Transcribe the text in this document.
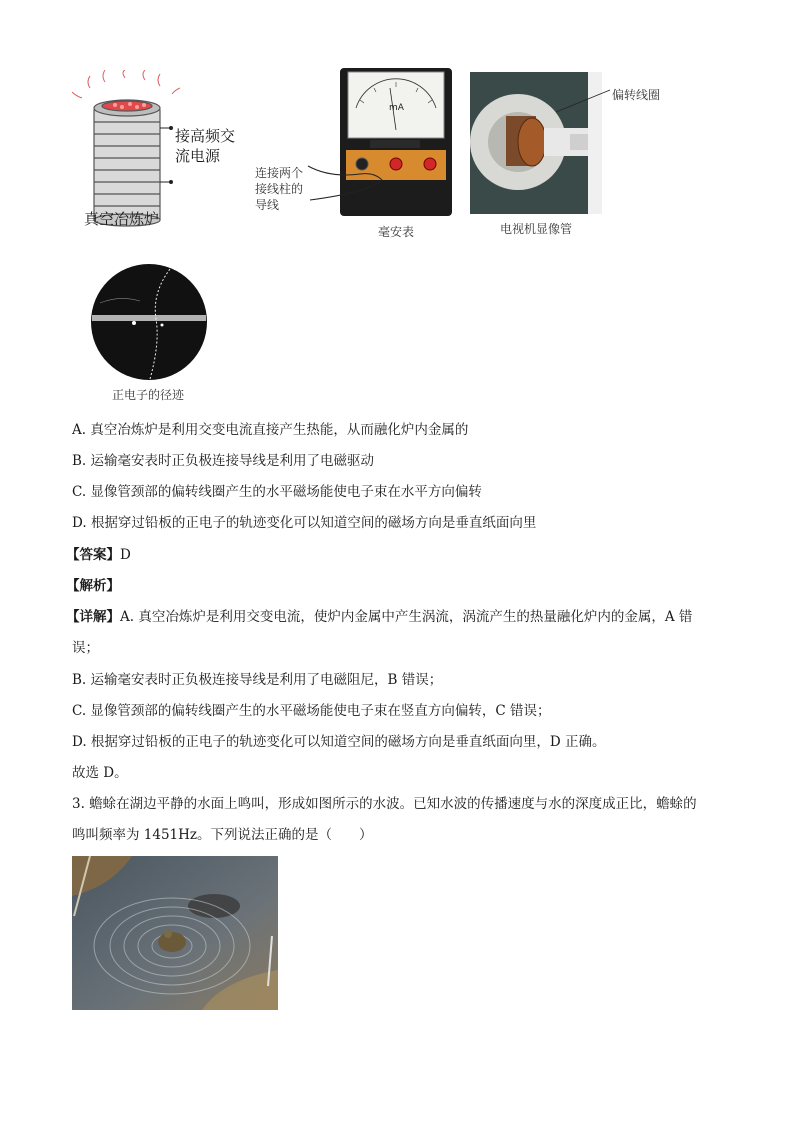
接高频交
流电源
真空冶炼炉
mA
连接两个
接线柱的
导线
毫安表
偏转线圈
电视机显像管
正电子的径迹
A. 真空冶炼炉是利用交变电流直接产生热能，从而融化炉内金属的
B. 运输毫安表时正负极连接导线是利用了电磁驱动
C. 显像管颈部的偏转线圈产生的水平磁场能使电子束在水平方向偏转
D. 根据穿过铅板的正电子的轨迹变化可以知道空间的磁场方向是垂直纸面向里
【答案】D
【解析】
【详解】A. 真空冶炼炉是利用交变电流，使炉内金属中产生涡流，涡流产生的热量融化炉内的金属，A 错
误；
B. 运输毫安表时正负极连接导线是利用了电磁阻尼，B 错误；
C. 显像管颈部的偏转线圈产生的水平磁场能使电子束在竖直方向偏转，C 错误；
D. 根据穿过铅板的正电子的轨迹变化可以知道空间的磁场方向是垂直纸面向里，D 正确。
故选 D。
3. 蟾蜍在湖边平静的水面上鸣叫，形成如图所示的水波。已知水波的传播速度与水的深度成正比，蟾蜍的
鸣叫频率为 1451Hz。下列说法正确的是（　　）
